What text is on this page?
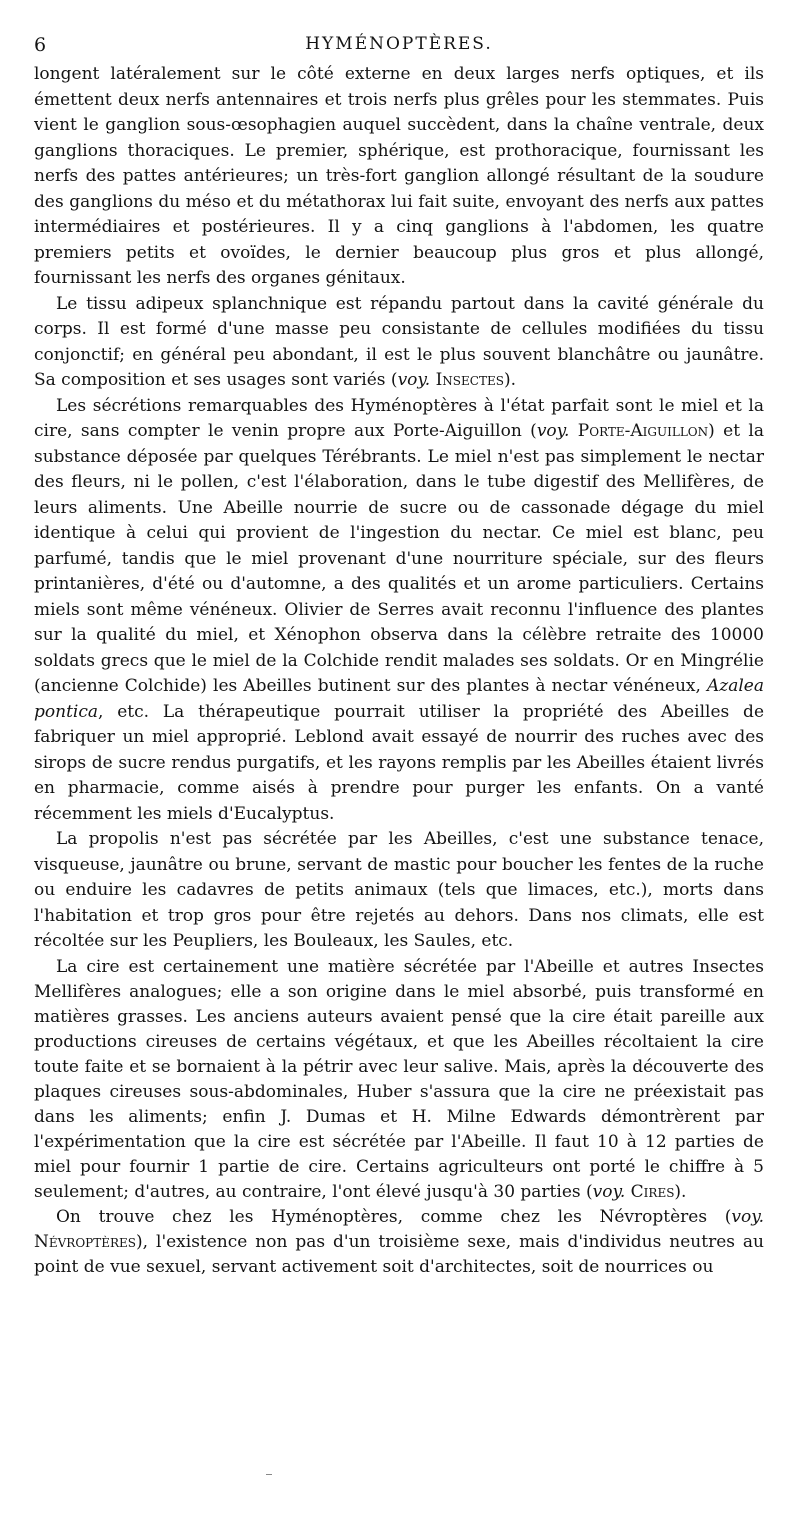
6	HYMÉNOPTÈRES.

longent latéralement sur le côté externe en deux larges nerfs optiques, et ils émettent deux nerfs antennaires et trois nerfs plus grêles pour les stemmates. Puis vient le ganglion sous-œsophagien auquel succèdent, dans la chaîne ventrale, deux ganglions thoraciques. Le premier, sphérique, est prothoracique, fournissant les nerfs des pattes antérieures; un très-fort ganglion allongé résultant de la soudure des ganglions du méso et du métathorax lui fait suite, envoyant des nerfs aux pattes intermédiaires et postérieures. Il y a cinq ganglions à l'abdomen, les quatre premiers petits et ovoïdes, le dernier beaucoup plus gros et plus allongé, fournissant les nerfs des organes génitaux.

Le tissu adipeux splanchnique est répandu partout dans la cavité générale du corps. Il est formé d'une masse peu consistante de cellules modifiées du tissu conjonctif; en général peu abondant, il est le plus souvent blanchâtre ou jaunâtre. Sa composition et ses usages sont variés (voy. Insectes).

Les sécrétions remarquables des Hyménoptères à l'état parfait sont le miel et la cire, sans compter le venin propre aux Porte-Aiguillon (voy. Porte-Aiguillon) et la substance déposée par quelques Térébrants. Le miel n'est pas simplement le nectar des fleurs, ni le pollen, c'est l'élaboration, dans le tube digestif des Mellifères, de leurs aliments. Une Abeille nourrie de sucre ou de cassonade dégage du miel identique à celui qui provient de l'ingestion du nectar. Ce miel est blanc, peu parfumé, tandis que le miel provenant d'une nourriture spéciale, sur des fleurs printanières, d'été ou d'automne, a des qualités et un arome particuliers. Certains miels sont même vénéneux. Olivier de Serres avait reconnu l'influence des plantes sur la qualité du miel, et Xénophon observa dans la célèbre retraite des 10000 soldats grecs que le miel de la Colchide rendit malades ses soldats. Or en Mingrélie (ancienne Colchide) les Abeilles butinent sur des plantes à nectar vénéneux, Azalea pontica, etc. La thérapeutique pourrait utiliser la propriété des Abeilles de fabriquer un miel approprié. Leblond avait essayé de nourrir des ruches avec des sirops de sucre rendus purgatifs, et les rayons remplis par les Abeilles étaient livrés en pharmacie, comme aisés à prendre pour purger les enfants. On a vanté récemment les miels d'Eucalyptus.

La propolis n'est pas sécrétée par les Abeilles, c'est une substance tenace, visqueuse, jaunâtre ou brune, servant de mastic pour boucher les fentes de la ruche ou enduire les cadavres de petits animaux (tels que limaces, etc.), morts dans l'habitation et trop gros pour être rejetés au dehors. Dans nos climats, elle est récoltée sur les Peupliers, les Bouleaux, les Saules, etc.

La cire est certainement une matière sécrétée par l'Abeille et autres Insectes Mellifères analogues; elle a son origine dans le miel absorbé, puis transformé en matières grasses. Les anciens auteurs avaient pensé que la cire était pareille aux productions cireuses de certains végétaux, et que les Abeilles récoltaient la cire toute faite et se bornaient à la pétrir avec leur salive. Mais, après la découverte des plaques cireuses sous-abdominales, Huber s'assura que la cire ne préexistait pas dans les aliments; enfin J. Dumas et H. Milne Edwards démontrèrent par l'expérimentation que la cire est sécrétée par l'Abeille. Il faut 10 à 12 parties de miel pour fournir 1 partie de cire. Certains agriculteurs ont porté le chiffre à 5 seulement; d'autres, au contraire, l'ont élevé jusqu'à 30 parties (voy. Cires).

On trouve chez les Hyménoptères, comme chez les Névroptères (voy. Névroptères), l'existence non pas d'un troisième sexe, mais d'individus neutres au point de vue sexuel, servant activement soit d'architectes, soit de nourrices ou
